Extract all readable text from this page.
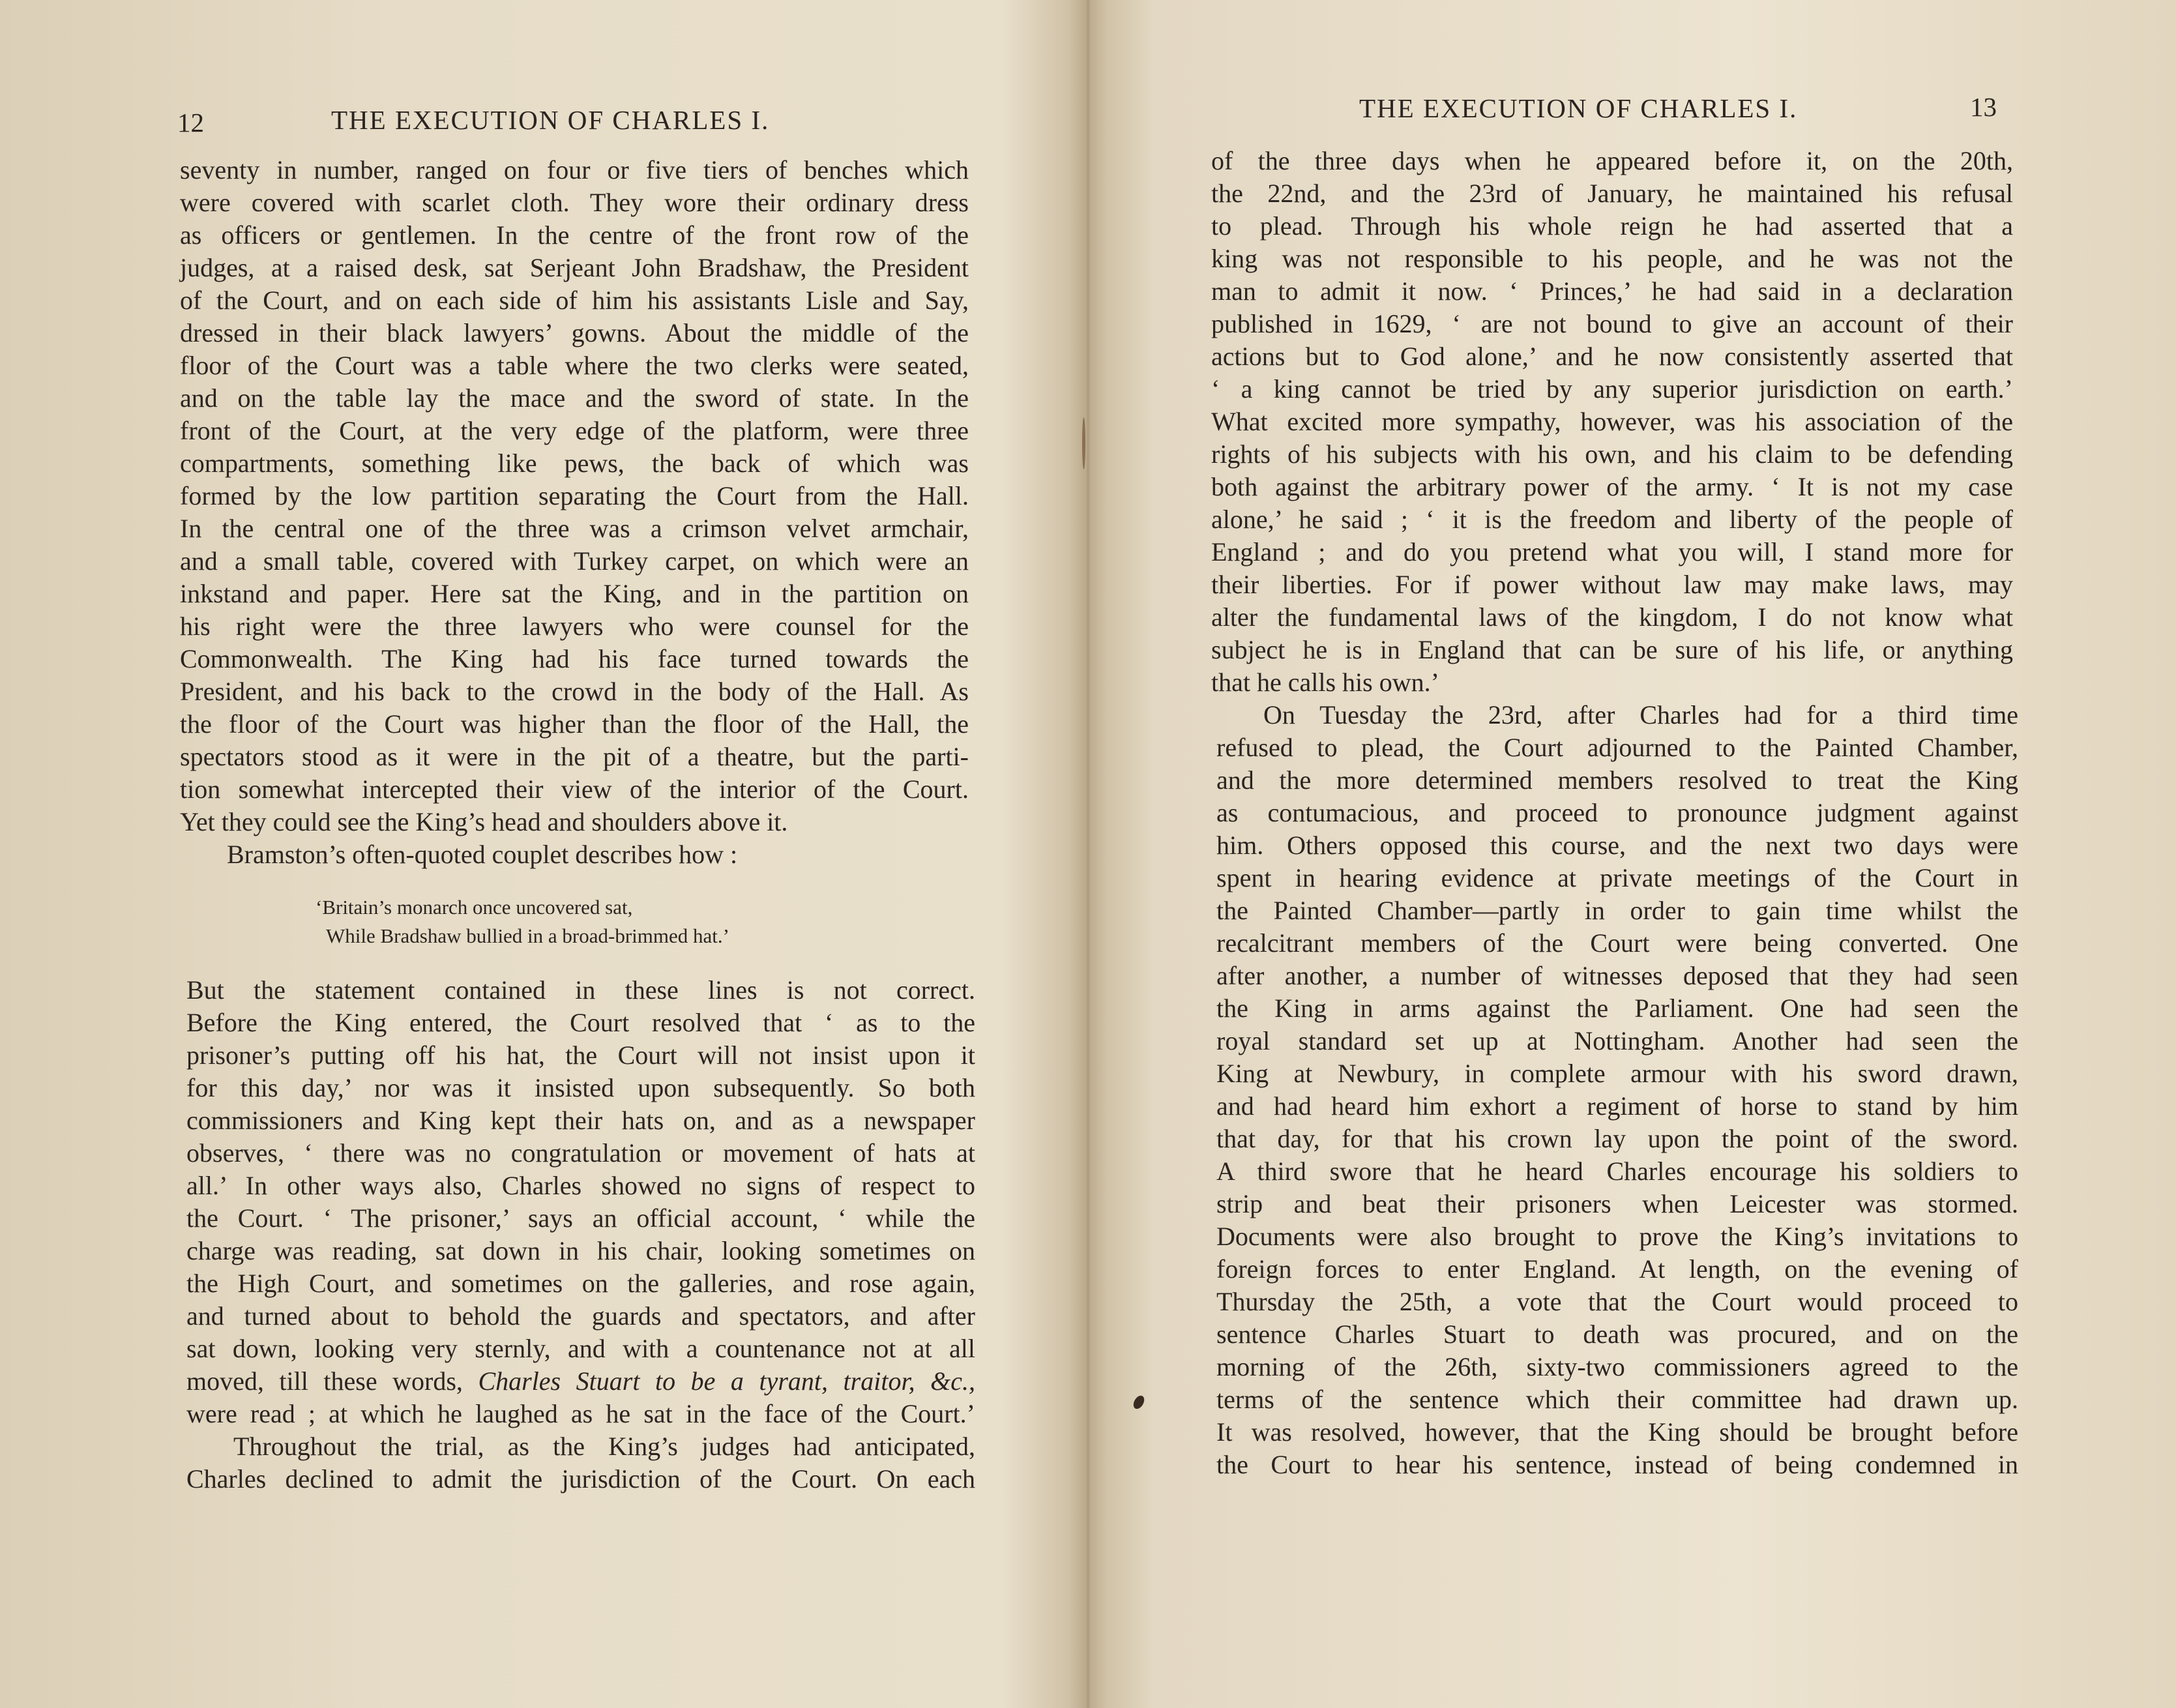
12	THE EXECUTION OF CHARLES I.
seventy in number, ranged on four or five tiers of benches which
were covered with scarlet cloth. They wore their ordinary dress
as officers or gentlemen. In the centre of the front row of the
judges, at a raised desk, sat Serjeant John Bradshaw, the President
of the Court, and on each side of him his assistants Lisle and Say,
dressed in their black lawyers’ gowns. About the middle of the
floor of the Court was a table where the two clerks were seated,
and on the table lay the mace and the sword of state. In the
front of the Court, at the very edge of the platform, were three
compartments, something like pews, the back of which was
formed by the low partition separating the Court from the Hall.
In the central one of the three was a crimson velvet armchair,
and a small table, covered with Turkey carpet, on which were an
inkstand and paper. Here sat the King, and in the partition on
his right were the three lawyers who were counsel for the
Commonwealth. The King had his face turned towards the
President, and his back to the crowd in the body of the Hall. As
the floor of the Court was higher than the floor of the Hall, the
spectators stood as it were in the pit of a theatre, but the parti-
tion somewhat intercepted their view of the interior of the Court.
Yet they could see the King’s head and shoulders above it.
Bramston’s often-quoted couplet describes how :
‘Britain’s monarch once uncovered sat,
While Bradshaw bullied in a broad-brimmed hat.’
But the statement contained in these lines is not correct.
Before the King entered, the Court resolved that ‘ as to the
prisoner’s putting off his hat, the Court will not insist upon it
for this day,’ nor was it insisted upon subsequently. So both
commissioners and King kept their hats on, and as a newspaper
observes, ‘ there was no congratulation or movement of hats at
all.’ In other ways also, Charles showed no signs of respect to
the Court. ‘ The prisoner,’ says an official account, ‘ while the
charge was reading, sat down in his chair, looking sometimes on
the High Court, and sometimes on the galleries, and rose again,
and turned about to behold the guards and spectators, and after
sat down, looking very sternly, and with a countenance not at all
moved, till these words, Charles Stuart to be a tyrant, traitor, &c.,
were read ; at which he laughed as he sat in the face of the Court.’
Throughout the trial, as the King’s judges had anticipated,
Charles declined to admit the jurisdiction of the Court. On each
THE EXECUTION OF CHARLES I.	13
of the three days when he appeared before it, on the 20th,
the 22nd, and the 23rd of January, he maintained his refusal
to plead. Through his whole reign he had asserted that a
king was not responsible to his people, and he was not the
man to admit it now. ‘ Princes,’ he had said in a declaration
published in 1629, ‘ are not bound to give an account of their
actions but to God alone,’ and he now consistently asserted that
‘ a king cannot be tried by any superior jurisdiction on earth.’
What excited more sympathy, however, was his association of the
rights of his subjects with his own, and his claim to be defending
both against the arbitrary power of the army. ‘ It is not my case
alone,’ he said ; ‘ it is the freedom and liberty of the people of
England ; and do you pretend what you will, I stand more for
their liberties. For if power without law may make laws, may
alter the fundamental laws of the kingdom, I do not know what
subject he is in England that can be sure of his life, or anything
that he calls his own.’
On Tuesday the 23rd, after Charles had for a third time
refused to plead, the Court adjourned to the Painted Chamber,
and the more determined members resolved to treat the King
as contumacious, and proceed to pronounce judgment against
him. Others opposed this course, and the next two days were
spent in hearing evidence at private meetings of the Court in
the Painted Chamber—partly in order to gain time whilst the
recalcitrant members of the Court were being converted. One
after another, a number of witnesses deposed that they had seen
the King in arms against the Parliament. One had seen the
royal standard set up at Nottingham. Another had seen the
King at Newbury, in complete armour with his sword drawn,
and had heard him exhort a regiment of horse to stand by him
that day, for that his crown lay upon the point of the sword.
A third swore that he heard Charles encourage his soldiers to
strip and beat their prisoners when Leicester was stormed.
Documents were also brought to prove the King’s invitations to
foreign forces to enter England. At length, on the evening of
Thursday the 25th, a vote that the Court would proceed to
sentence Charles Stuart to death was procured, and on the
morning of the 26th, sixty-two commissioners agreed to the
terms of the sentence which their committee had drawn up.
It was resolved, however, that the King should be brought before
the Court to hear his sentence, instead of being condemned in
